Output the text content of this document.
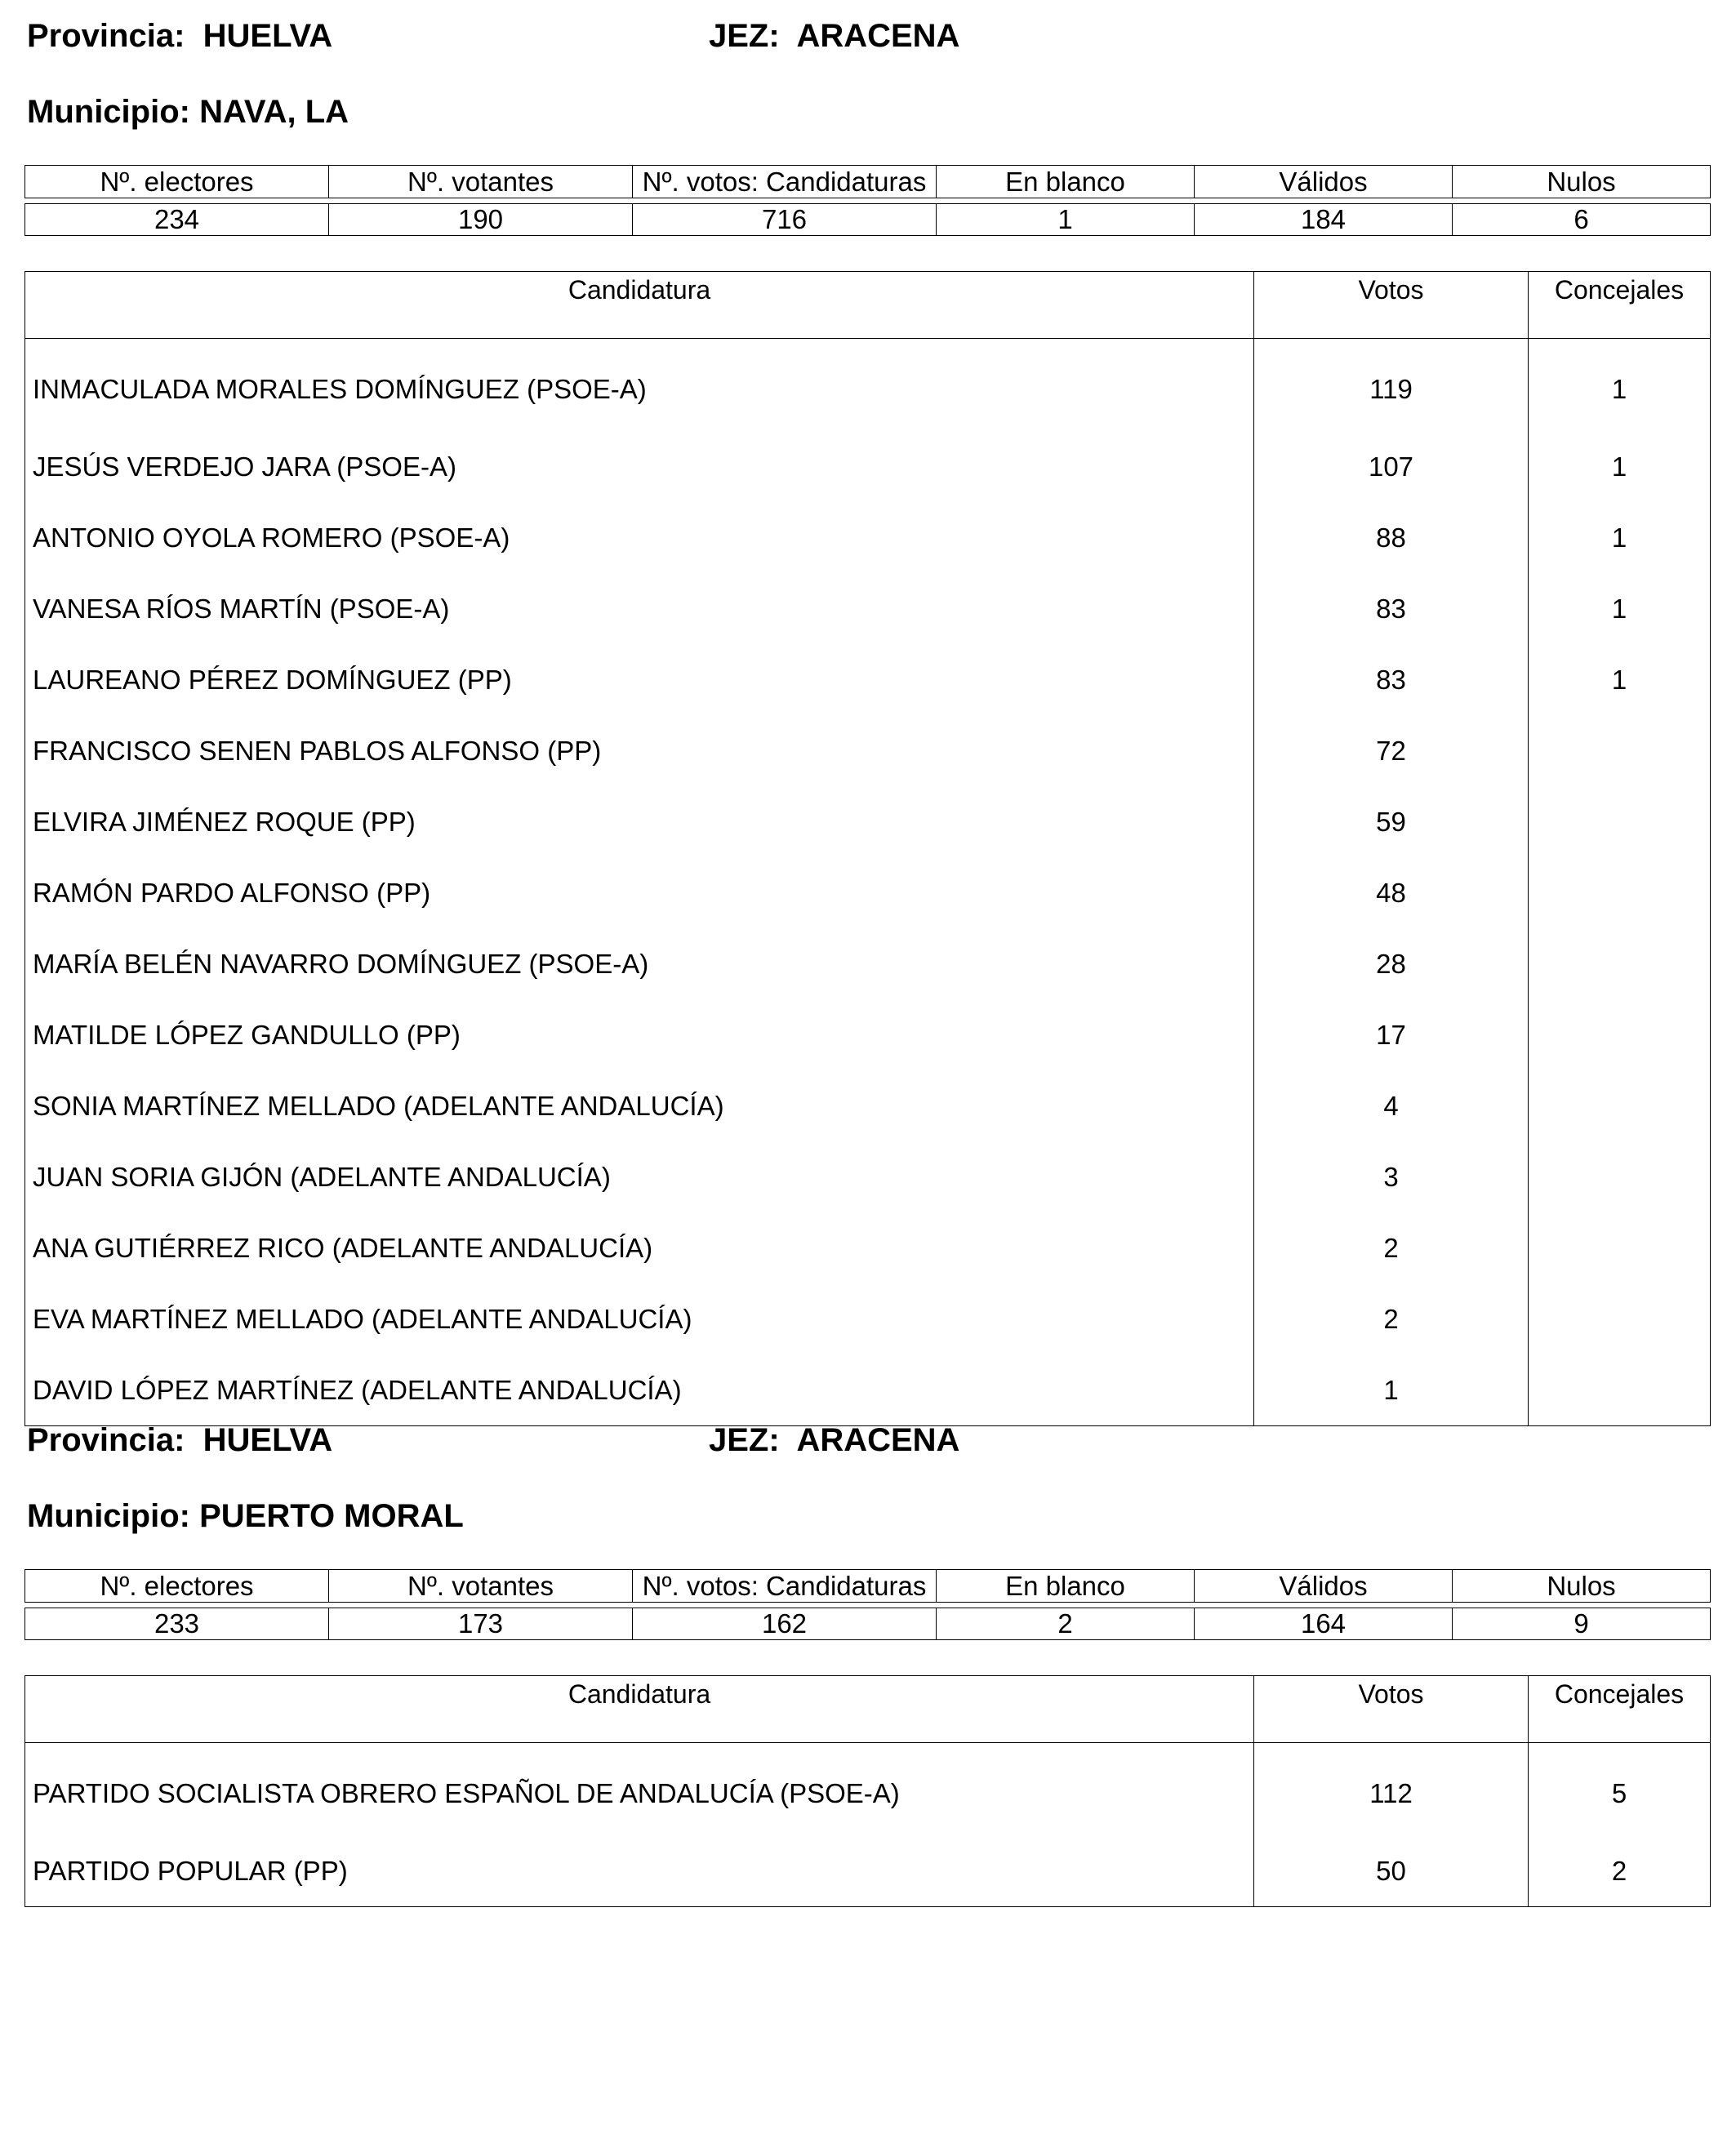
Provincia: HUELVA	JEZ: ARACENA
Municipio: NAVA, LA
Nº. electores	Nº. votantes	Nº. votos: Candidaturas	En blanco	Válidos	Nulos

234	190	716	1	184	6
Candidatura	Votos	Concejales
INMACULADA MORALES DOMÍNGUEZ (PSOE-A)	119	1
JESÚS VERDEJO JARA (PSOE-A)	107	1
ANTONIO OYOLA ROMERO (PSOE-A)	88	1
VANESA RÍOS MARTÍN (PSOE-A)	83	1
LAUREANO PÉREZ DOMÍNGUEZ (PP)	83	1
FRANCISCO SENEN PABLOS ALFONSO (PP)	72	
ELVIRA JIMÉNEZ ROQUE (PP)	59	
RAMÓN PARDO ALFONSO (PP)	48	
MARÍA BELÉN NAVARRO DOMÍNGUEZ (PSOE-A)	28	
MATILDE LÓPEZ GANDULLO (PP)	17	
SONIA MARTÍNEZ MELLADO (ADELANTE ANDALUCÍA)	4	
JUAN SORIA GIJÓN (ADELANTE ANDALUCÍA)	3	
ANA GUTIÉRREZ RICO (ADELANTE ANDALUCÍA)	2	
EVA MARTÍNEZ MELLADO (ADELANTE ANDALUCÍA)	2	
DAVID LÓPEZ MARTÍNEZ (ADELANTE ANDALUCÍA)	1	
Provincia: HUELVA	JEZ: ARACENA
Municipio: PUERTO MORAL
Nº. electores	Nº. votantes	Nº. votos: Candidaturas	En blanco	Válidos	Nulos

233	173	162	2	164	9
Candidatura	Votos	Concejales
PARTIDO SOCIALISTA OBRERO ESPAÑOL DE ANDALUCÍA (PSOE-A)	112	5
PARTIDO POPULAR (PP)	50	2
